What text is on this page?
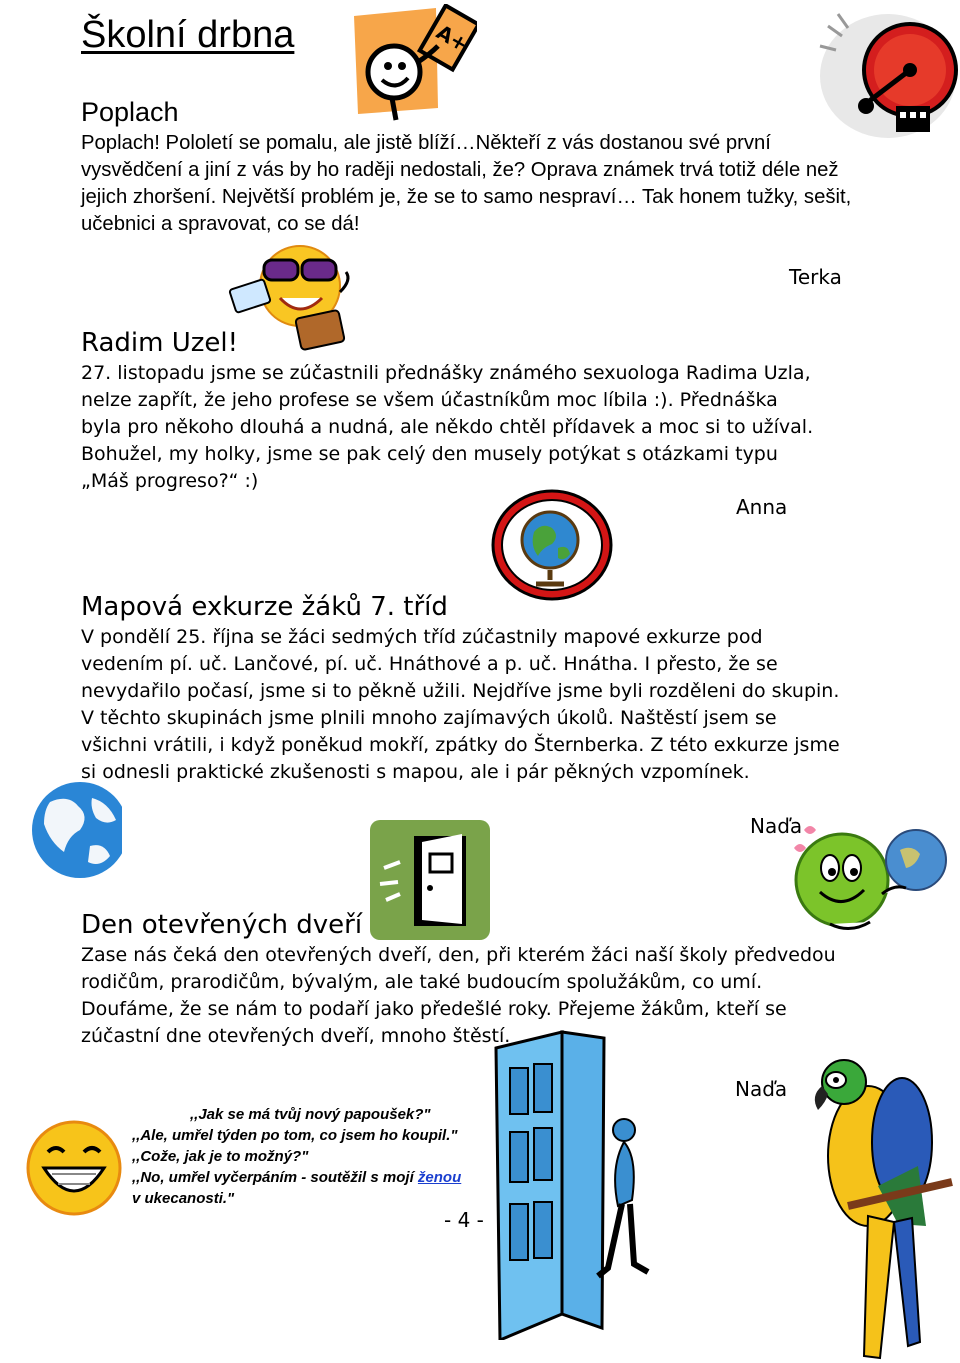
Školní drbna
Poplach

Poplach! Pololetí se pomalu, ale jistě blíží…Někteří z vás dostanou své první vysvědčení a jiní z vás by ho raději nedostali, že? Oprava známek trvá totiž déle než jejich zhoršení. Největší problém je, že se to samo nespraví… Tak honem tužky, sešit, učebnici a spravovat, co se dá!

Terka
Radim Uzel!

27. listopadu jsme se zúčastnili přednášky známého sexuologa Radima Uzla, nelze zapřít, že jeho profese se všem účastníkům moc líbila :). Přednáška byla pro někoho dlouhá a nudná, ale někdo chtěl přídavek a moc si to užíval. Bohužel, my holky, jsme se pak celý den musely potýkat s otázkami typu „Máš progreso?“ :)

Anna
Mapová exkurze žáků 7. tříd

V pondělí 25. října se žáci sedmých tříd zúčastnily mapové exkurze pod vedením pí. uč. Lančové, pí. uč. Hnáthové a p. uč. Hnátha. I přesto, že se nevydařilo počasí, jsme si to pěkně užili. Nejdříve jsme byli rozděleni do skupin. V těchto skupinách jsme plnili mnoho zajímavých úkolů. Naštěstí jsem se všichni vrátili, i když poněkud mokří, zpátky do Šternberka. Z této exkurze jsme si odnesli praktické zkušenosti s mapou, ale i pár pěkných vzpomínek.

Naďa
Den otevřených dveří

Zase nás čeká den otevřených dveří, den, při kterém žáci naší školy předvedou rodičům, prarodičům, bývalým, ale také budoucím spolužákům, co umí. Doufáme, že se nám to podaří jako předešlé roky. Přejeme žákům, kteří se zúčastní dne otevřených dveří, mnoho štěstí.

Naďa
,,Jak se má tvůj nový papoušek?"
,,Ale, umřel týden po tom, co jsem ho koupil."
,,Cože, jak je to možný?"
,,No, umřel vyčerpáním - soutěžil s mojí ženou
v ukecanosti."
- 4 -
A+
